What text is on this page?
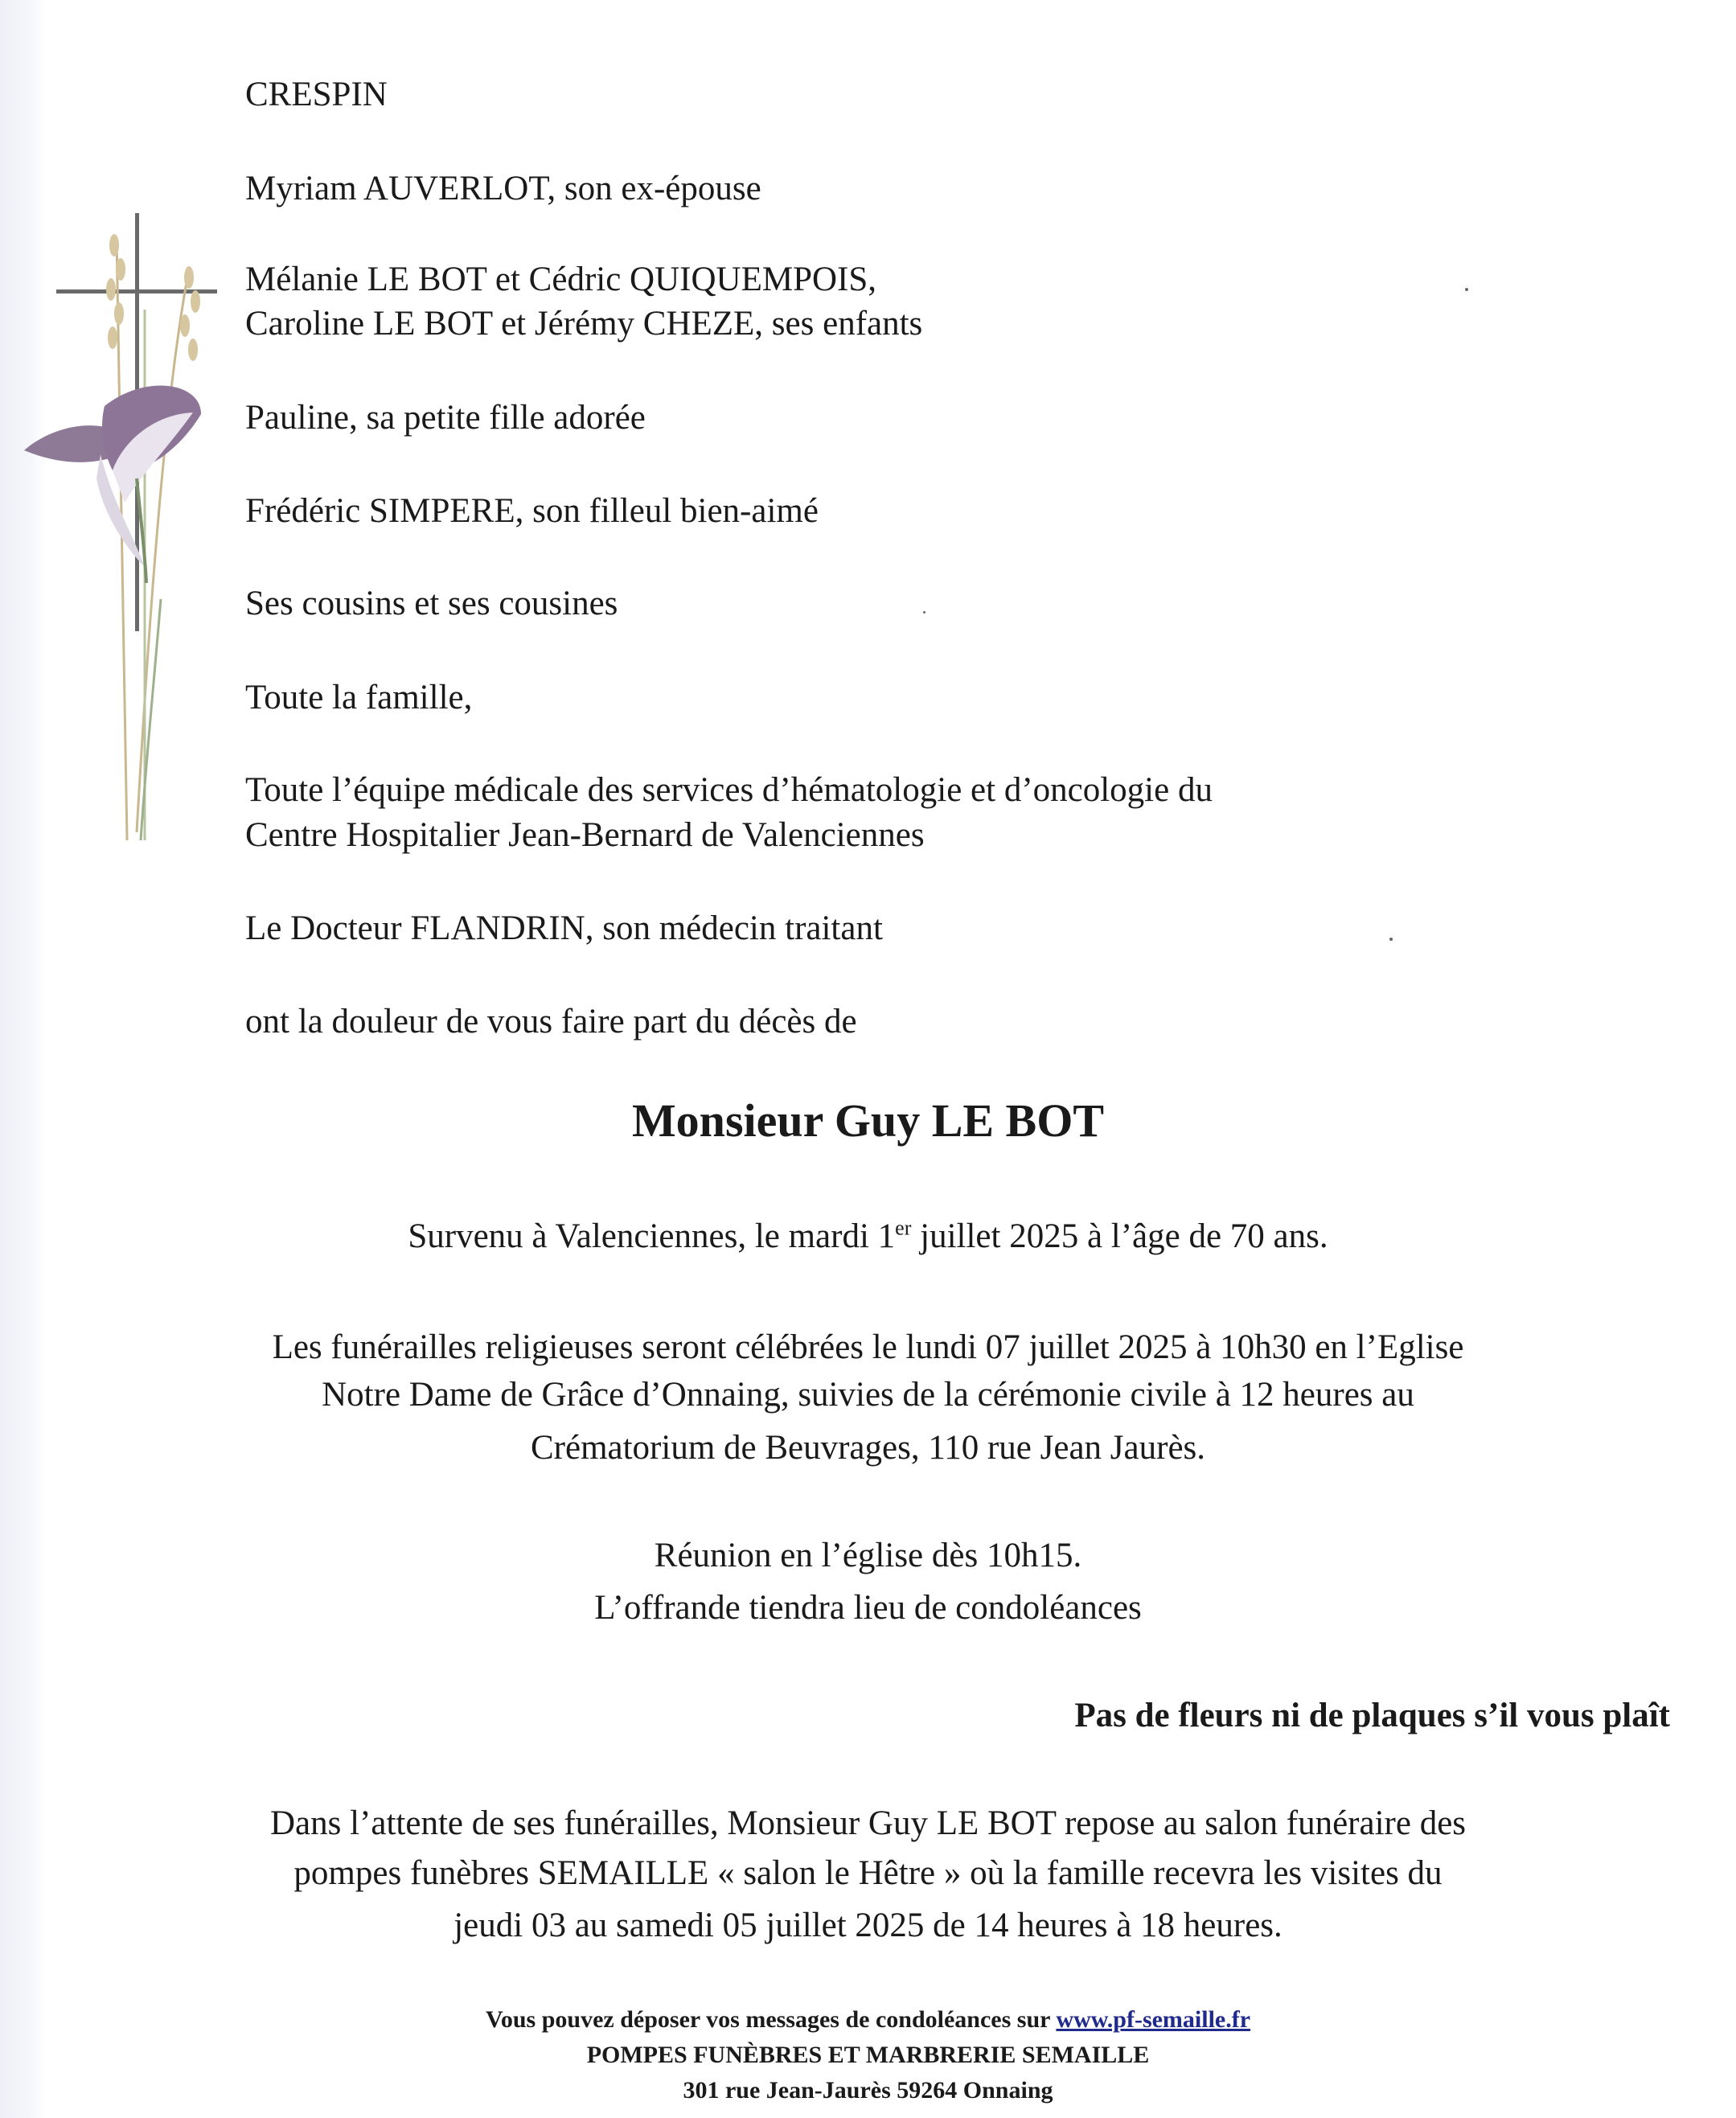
CRESPIN

Myriam AUVERLOT, son ex-épouse

Mélanie LE BOT et Cédric QUIQUEMPOIS,

Caroline LE BOT et Jérémy CHEZE, ses enfants

Pauline, sa petite fille adorée

Frédéric SIMPERE, son filleul bien-aimé

Ses cousins et ses cousines

Toute la famille,

Toute l’équipe médicale des services d’hématologie et d’oncologie du

Centre Hospitalier Jean-Bernard de Valenciennes

Le Docteur FLANDRIN, son médecin traitant

ont la douleur de vous faire part du décès de

Monsieur Guy LE BOT

Survenu à Valenciennes, le mardi 1er juillet 2025 à l’âge de 70 ans.

Les funérailles religieuses seront célébrées le lundi 07 juillet 2025 à 10h30 en l’Eglise

Notre Dame de Grâce d’Onnaing, suivies de la cérémonie civile à 12 heures au

Crématorium de Beuvrages, 110 rue Jean Jaurès.

Réunion en l’église dès 10h15.

L’offrande tiendra lieu de condoléances

Pas de fleurs ni de plaques s’il vous plaît

Dans l’attente de ses funérailles, Monsieur Guy LE BOT repose au salon funéraire des

pompes funèbres SEMAILLE « salon le Hêtre » où la famille recevra les visites du

jeudi 03 au samedi 05 juillet 2025 de 14 heures à 18 heures.

Vous pouvez déposer vos messages de condoléances sur www.pf-semaille.fr

POMPES FUNÈBRES ET MARBRERIE SEMAILLE

301 rue Jean-Jaurès 59264 Onnaing
